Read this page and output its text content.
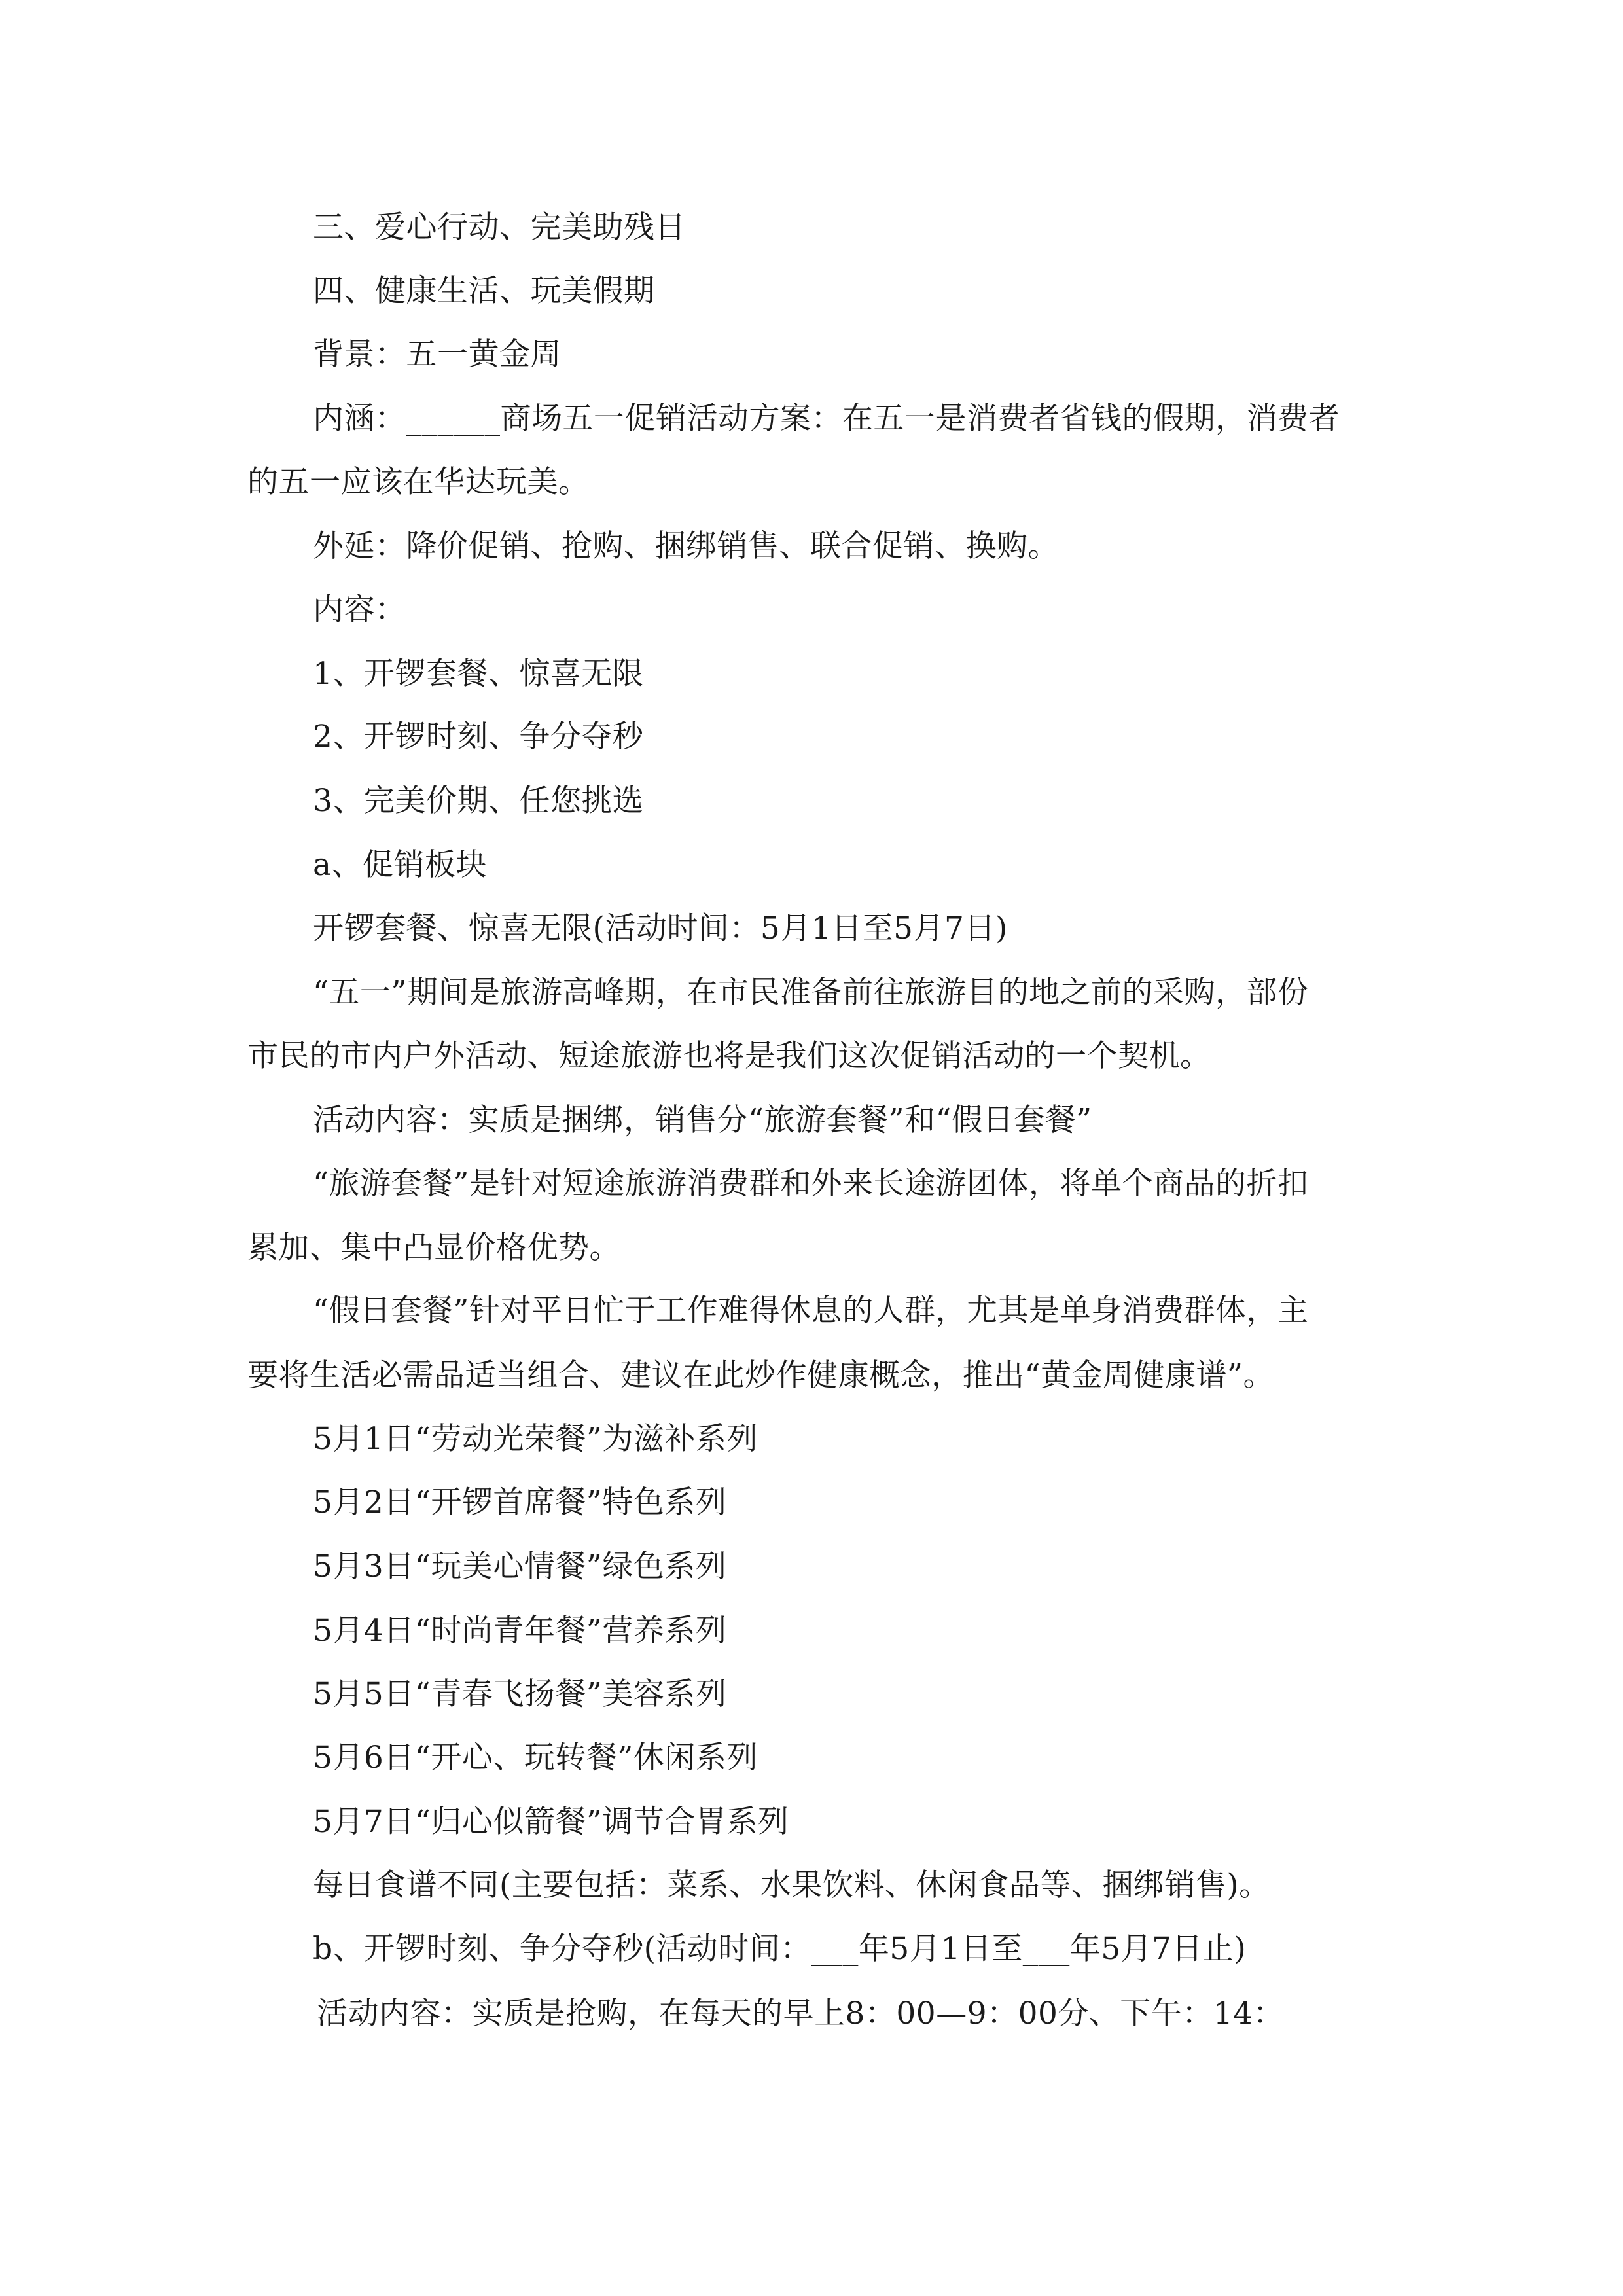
三、爱心行动、完美助残日

四、健康生活、玩美假期

背景：五一黄金周

内涵：______商场五一促销活动方案：在五一是消费者省钱的假期，消费者

的五一应该在华达玩美。

外延：降价促销、抢购、捆绑销售、联合促销、换购。

内容：

1、开锣套餐、惊喜无限

2、开锣时刻、争分夺秒

3、完美价期、任您挑选

a、促销板块

开锣套餐、惊喜无限(活动时间：5月1日至5月7日)

“五一”期间是旅游高峰期，在市民准备前往旅游目的地之前的采购，部份

市民的市内户外活动、短途旅游也将是我们这次促销活动的一个契机。

活动内容：实质是捆绑，销售分“旅游套餐”和“假日套餐”

“旅游套餐”是针对短途旅游消费群和外来长途游团体，将单个商品的折扣

累加、集中凸显价格优势。

“假日套餐”针对平日忙于工作难得休息的人群，尤其是单身消费群体，主

要将生活必需品适当组合、建议在此炒作健康概念，推出“黄金周健康谱”。

5月1日“劳动光荣餐”为滋补系列

5月2日“开锣首席餐”特色系列

5月3日“玩美心情餐”绿色系列

5月4日“时尚青年餐”营养系列

5月5日“青春飞扬餐”美容系列

5月6日“开心、玩转餐”休闲系列

5月7日“归心似箭餐”调节合胃系列

每日食谱不同(主要包括：菜系、水果饮料、休闲食品等、捆绑销售)。

b、开锣时刻、争分夺秒(活动时间：___年5月1日至___年5月7日止)

活动内容：实质是抢购，在每天的早上8：00—9：00分、下午：14：
